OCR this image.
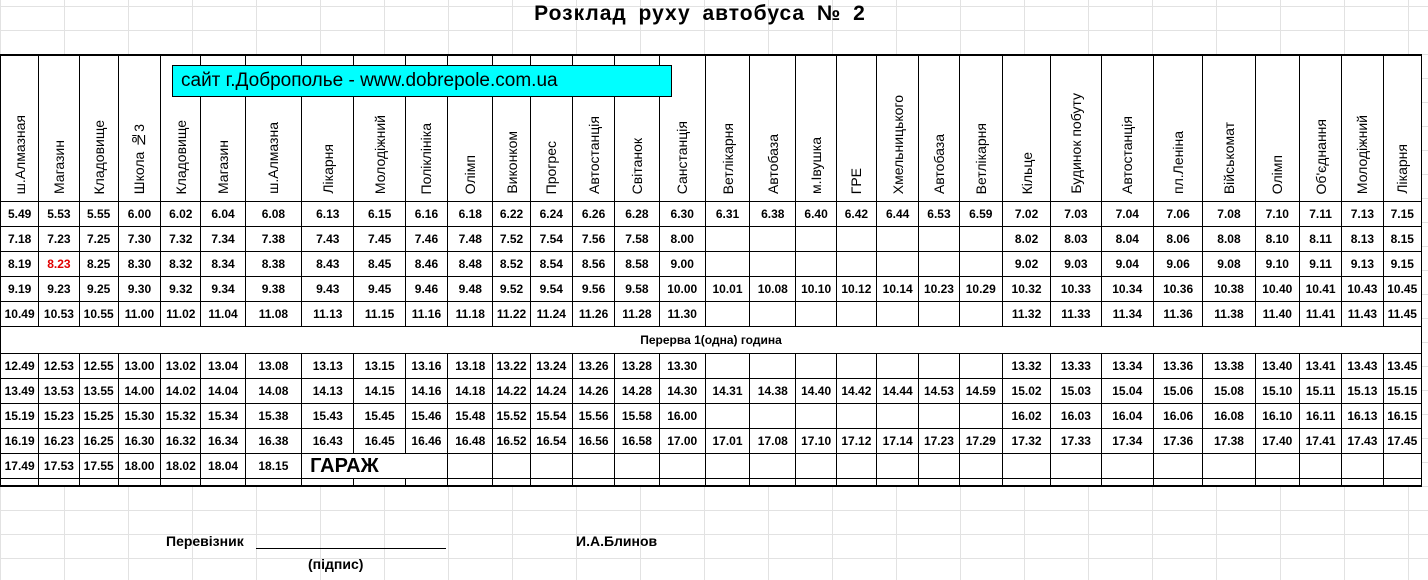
Розклад руху автобуса № 2
ш.Алмазная	Магазин	Кладовище	Школа №3	Кладовище	Магазин	ш.Алмазна	Лікарня	Молодіжний	Поліклініка	Олімп	Виконком	Прогрес	Автостанція	Світанок	Санстанція	Ветлікарня	Автобаза	м.Івушка	ГРЕ	Хмельницького	Автобаза	Ветлікарня	Кільце	Будинок побуту	Автостанція	пл.Леніна	Військомат	Олімп	Об'єднання	Молодіжний	Лікарня
5.49	5.53	5.55	6.00	6.02	6.04	6.08	6.13	6.15	6.16	6.18	6.22	6.24	6.26	6.28	6.30	6.31	6.38	6.40	6.42	6.44	6.53	6.59	7.02	7.03	7.04	7.06	7.08	7.10	7.11	7.13	7.15
7.18	7.23	7.25	7.30	7.32	7.34	7.38	7.43	7.45	7.46	7.48	7.52	7.54	7.56	7.58	8.00								8.02	8.03	8.04	8.06	8.08	8.10	8.11	8.13	8.15
8.19	8.23	8.25	8.30	8.32	8.34	8.38	8.43	8.45	8.46	8.48	8.52	8.54	8.56	8.58	9.00								9.02	9.03	9.04	9.06	9.08	9.10	9.11	9.13	9.15
9.19	9.23	9.25	9.30	9.32	9.34	9.38	9.43	9.45	9.46	9.48	9.52	9.54	9.56	9.58	10.00	10.01	10.08	10.10	10.12	10.14	10.23	10.29	10.32	10.33	10.34	10.36	10.38	10.40	10.41	10.43	10.45
10.49	10.53	10.55	11.00	11.02	11.04	11.08	11.13	11.15	11.16	11.18	11.22	11.24	11.26	11.28	11.30								11.32	11.33	11.34	11.36	11.38	11.40	11.41	11.43	11.45
Перерва 1(одна) година																															
12.49	12.53	12.55	13.00	13.02	13.04	13.08	13.13	13.15	13.16	13.18	13.22	13.24	13.26	13.28	13.30								13.32	13.33	13.34	13.36	13.38	13.40	13.41	13.43	13.45
13.49	13.53	13.55	14.00	14.02	14.04	14.08	14.13	14.15	14.16	14.18	14.22	14.24	14.26	14.28	14.30	14.31	14.38	14.40	14.42	14.44	14.53	14.59	15.02	15.03	15.04	15.06	15.08	15.10	15.11	15.13	15.15
15.19	15.23	15.25	15.30	15.32	15.34	15.38	15.43	15.45	15.46	15.48	15.52	15.54	15.56	15.58	16.00								16.02	16.03	16.04	16.06	16.08	16.10	16.11	16.13	16.15
16.19	16.23	16.25	16.30	16.32	16.34	16.38	16.43	16.45	16.46	16.48	16.52	16.54	16.56	16.58	17.00	17.01	17.08	17.10	17.12	17.14	17.23	17.29	17.32	17.33	17.34	17.36	17.38	17.40	17.41	17.43	17.45
17.49	17.53	17.55	18.00	18.02	18.04	18.15	ГАРАЖ																								

сайт г.Доброполье - www.dobrepole.com.ua
Перевізник
(підпис)
И.А.Блинов
